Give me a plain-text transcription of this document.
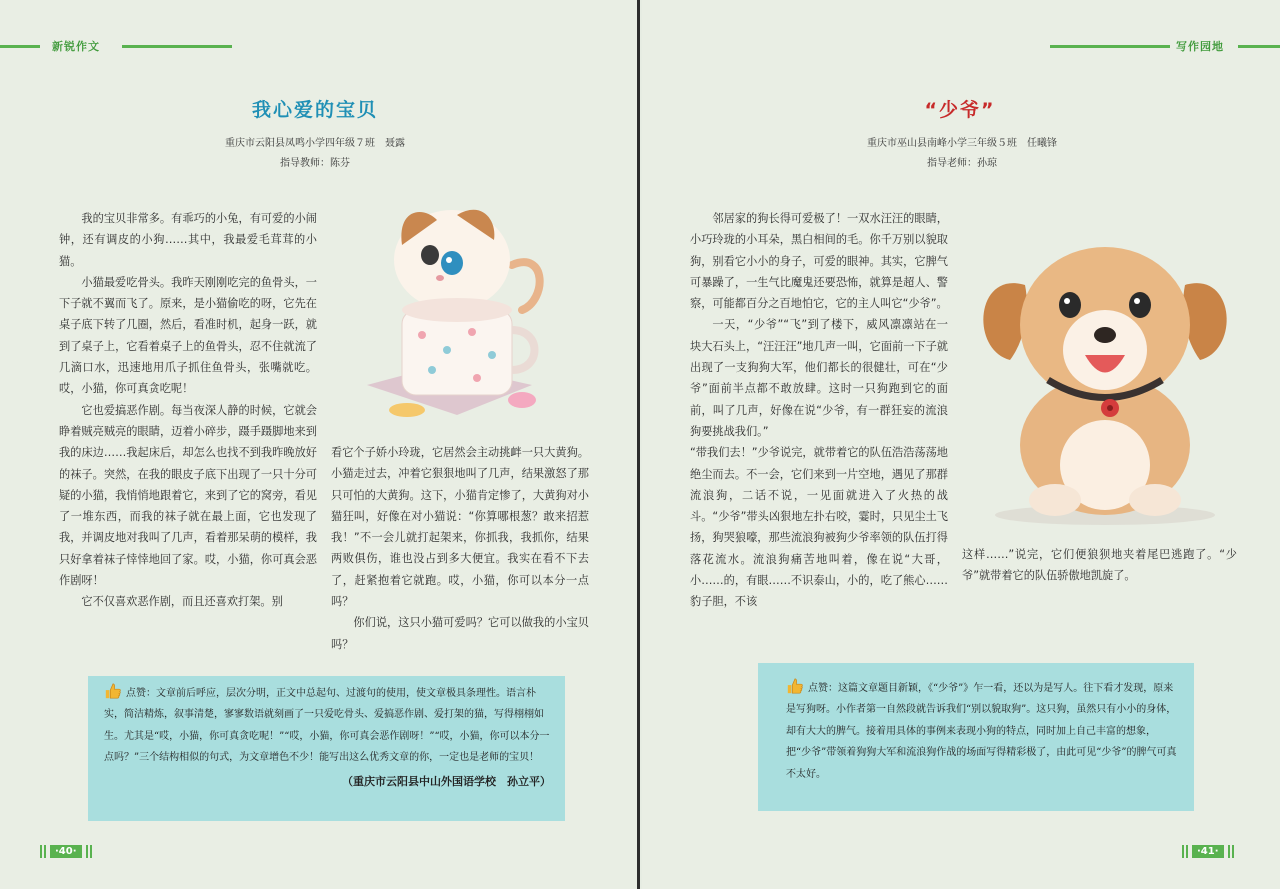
新锐作文
我心爱的宝贝
重庆市云阳县凤鸣小学四年级７班　聂露
指导教师：陈芬

我的宝贝非常多。有乖巧的小兔，有可爱的小闹钟，还有调皮的小狗……其中，我最爱毛茸茸的小猫。

小猫最爱吃骨头。我昨天刚刚吃完的鱼骨头，一下子就不翼而飞了。原来，是小猫偷吃的呀，它先在桌子底下转了几圈，然后，看准时机，起身一跃，就到了桌子上，它看着桌子上的鱼骨头，忍不住就流了几滴口水，迅速地用爪子抓住鱼骨头，张嘴就吃。哎，小猫，你可真贪吃呢！

它也爱搞恶作剧。每当夜深人静的时候，它就会睁着贼亮贼亮的眼睛，迈着小碎步，蹑手蹑脚地来到我的床边……我起床后，却怎么也找不到我昨晚放好的袜子。突然，在我的眼皮子底下出现了一只十分可疑的小猫，我悄悄地跟着它，来到了它的窝旁，看见了一堆东西，而我的袜子就在最上面，它也发现了我，并调皮地对我叫了几声，看着那呆萌的模样，我只好拿着袜子悻悻地回了家。哎，小猫，你可真会恶作剧呀！

它不仅喜欢恶作剧，而且还喜欢打架。别

看它个子娇小玲珑，它居然会主动挑衅一只大黄狗。小猫走过去，冲着它狠狠地叫了几声，结果激怒了那只可怕的大黄狗。这下，小猫肯定惨了，大黄狗对小猫狂叫，好像在对小猫说：“你算哪根葱？敢来招惹我！”不一会儿就打起架来，你抓我，我抓你，结果两败俱伤，谁也没占到多大便宜。我实在看不下去了，赶紧抱着它就跑。哎，小猫，你可以本分一点吗？

你们说，这只小猫可爱吗？它可以做我的小宝贝吗？

点赞：文章前后呼应，层次分明，正文中总起句、过渡句的使用，使文章极具条理性。语言朴实，简洁精炼，叙事清楚，寥寥数语就刻画了一只爱吃骨头、爱搞恶作剧、爱打架的猫，写得栩栩如生。尤其是“哎，小猫，你可真贪吃呢！”“哎，小猫，你可真会恶作剧呀！”“哎，小猫，你可以本分一点吗？”三个结构相似的句式，为文章增色不少！能写出这么优秀文章的你，一定也是老师的宝贝！
（重庆市云阳县中山外国语学校　孙立平）
·40·
写作园地
“少爷”
重庆市巫山县南峰小学三年级５班　任曦锋
指导老师：孙琼

邻居家的狗长得可爱极了！一双水汪汪的眼睛，小巧玲珑的小耳朵，黑白相间的毛。你千万别以貌取狗，别看它小小的身子，可爱的眼神。其实，它脾气可暴躁了，一生气比魔鬼还要恐怖，就算是超人、警察，可能都百分之百地怕它，它的主人叫它“少爷”。

一天，“少爷”“飞”到了楼下，威风凛凛站在一块大石头上，“汪汪汪”地几声一叫，它面前一下子就出现了一支狗狗大军，他们都长的很健壮，可在“少爷”面前半点都不敢放肆。这时一只狗跑到它的面前，叫了几声，好像在说“少爷，有一群狂妄的流浪狗要挑战我们。”

“带我们去！”少爷说完，就带着它的队伍浩浩荡荡地绝尘而去。不一会，它们来到一片空地，遇见了那群流浪狗，二话不说，一见面就进入了火热的战斗。“少爷”带头凶狠地左扑右咬，霎时，只见尘土飞扬，狗哭狼嚎，那些流浪狗被狗少爷率领的队伍打得落花流水。流浪狗痛苦地叫着，像在说“大哥，小……的，有眼……不识泰山，小的，吃了熊心……豹子胆，不该

这样……”说完，它们便狼狈地夹着尾巴逃跑了。“少爷”就带着它的队伍骄傲地凯旋了。

点赞：这篇文章题目新颖，《“少爷”》乍一看，还以为是写人。往下看才发现，原来是写狗呀。小作者第一自然段就告诉我们“别以貌取狗”。这只狗，虽然只有小小的身体，却有大大的脾气。接着用具体的事例来表现小狗的特点，同时加上自己丰富的想象，把“少爷”带领着狗狗大军和流浪狗作战的场面写得精彩极了，由此可见“少爷”的脾气可真不太好。
·41·
